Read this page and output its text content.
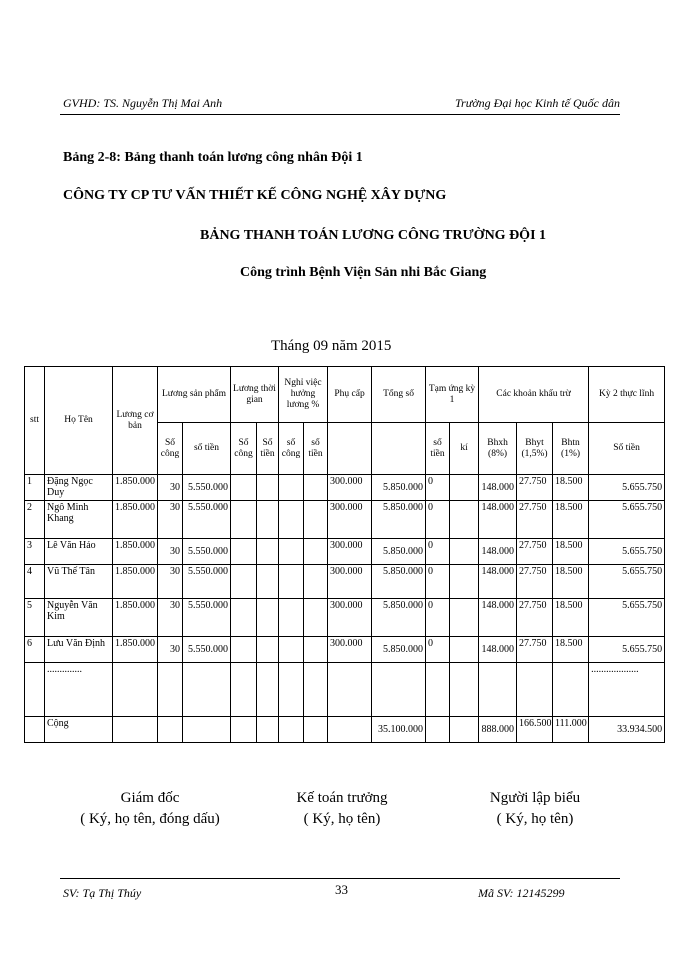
GVHD: TS. Nguyễn Thị Mai Anh	Trường Đại học Kinh tế Quốc dân
Bảng 2-8: Bảng thanh toán lương công nhân Đội 1
CÔNG TY CP TƯ VẤN THIẾT KẾ CÔNG NGHỆ XÂY DỰNG
BẢNG THANH TOÁN LƯƠNG CÔNG TRƯỜNG ĐỘI 1
Công trình Bệnh Viện Sản nhi Bắc Giang
Tháng 09 năm 2015
stt	Họ Tên	Lương cơ bản	Lương sản phẩm		Lương thời gian		Nghỉ việc hưởng lương %		Phụ cấp	Tổng số	Tạm ứng kỳ 1		Các khoản khấu trừ			Kỳ 2 thực lĩnh
			Số công	số tiền	Số công	Số tiền	số công	số tiền			số tiền	kí	Bhxh (8%)	Bhyt (1,5%)	Bhtn (1%)	Số tiền
1	Đặng Ngọc Duy	1.850.000	30	5.550.000					300.000	5.850.000	0		148.000	27.750	18.500	5.655.750
2	Ngô Minh Khang	1.850.000	30	5.550.000					300.000	5.850.000	0		148.000	27.750	18.500	5.655.750
3	Lê Văn Hảo	1.850.000	30	5.550.000					300.000	5.850.000	0		148.000	27.750	18.500	5.655.750
4	Vũ Thế Tân	1.850.000	30	5.550.000					300.000	5.850.000	0		148.000	27.750	18.500	5.655.750
5	Nguyễn Văn Kim	1.850.000	30	5.550.000					300.000	5.850.000	0		148.000	27.750	18.500	5.655.750
6	Lưu Văn Định	1.850.000	30	5.550.000					300.000	5.850.000	0		148.000	27.750	18.500	5.655.750
	..............															...................
	Cộng									35.100.000			888.000	166.500	111.000	33.934.500
Giám đốc
( Ký, họ tên, đóng dấu)
Kế toán trưởng
( Ký, họ tên)
Người lập biểu
( Ký, họ tên)
SV: Tạ Thị Thúy	33	Mã SV: 12145299
